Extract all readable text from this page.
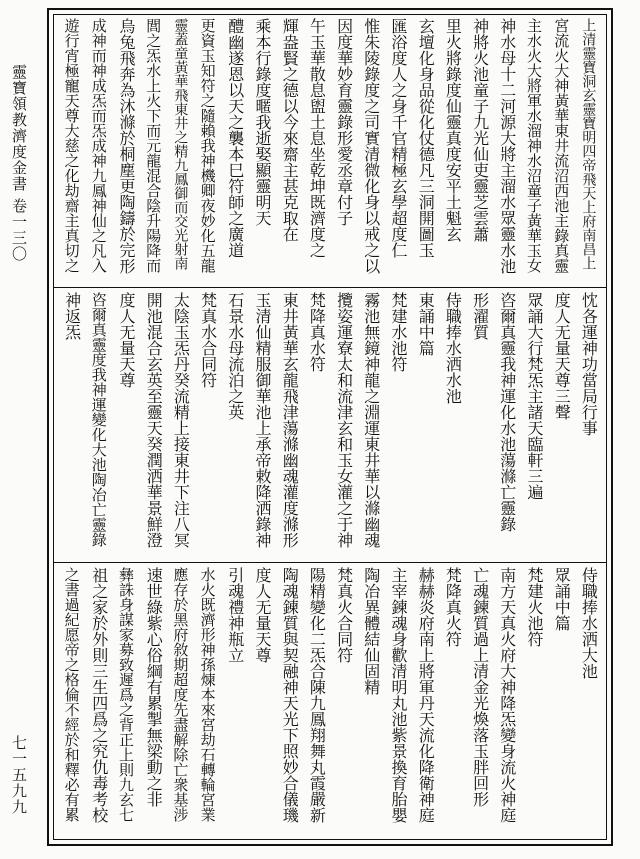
靈寶領教濟度金書 卷一三〇
七一五九九
上清靈寶洞玄靈寶明四帝飛天上府南昌上
宮流火大神黃華東井流沼西池主錄真靈
主水火大將軍水溜神水沼童子黃華玉女
神水母十二河源大將主溜水眾靈水池
神將火池童子九光仙吏靈芝雲蕭
里火將錄度仙靈真度安平土魁玄
玄壇化身品從化仗德凡三洞開圖玉
匯浴度人之身千官精極玄學超度仁
惟朱陵錄度之司實清微化身以戒之以
因度華妙育靈錄形愛丞章付子
午玉華散息盥土息坐乾坤既濟度之
輝盎賢之德以今來齋主甚克取在
乘本行錄度暱我逝娶顯靈明天
醴幽遂恩以天之襲本巳符師之廣道
更資玉知符之隨賴我神機卿夜妙化五龍
靈蓋童黃華飛東井之精九鳳御而交光射南
閭之炁水上火下而元龍混合陰升陽降而
烏兔飛奔為沐滌於桐塵更陶鑄於完形
成神而神成炁而炁成神九鳳神仙之凡入
遊行宵極寵天尊大慈之化劫齋主真切之
忱各運神功當局行事
度人无量天尊三聲
眾誦大行梵炁主諸天臨軒三遍
咨爾真靈我神運化水池蕩滌亡靈錄
形濯質
侍職捧水洒水池
東誦中篇
梵建水池符
霧池無鏡神龍之淵運東井華以滌幽魂
攬姿運寮太和流津玄和玉女灌之于神
梵降真水符
東井黃華玄龍飛津蕩滌幽魂灌度滌形
玉清仙精服御華池上承帝敕降洒錄神
石景水母流泊之英
梵真水合同符
太陰玉炁丹癸流精上接東井下注八冥
開池混合玄英至靈天癸潤洒華景鮮澄
度人无量天尊
咨爾真靈度我神運變化大池陶冶亡靈錄
神返炁
侍職捧水洒大池
眾誦中篇
梵建火池符
南方天真火府大神降炁變身流火神庭
亡魂鍊質過上清金光煥落玉胖回形
梵降真火符
赫赫炎府南上將軍丹天流化降衛神庭
主宰鍊魂身歡清明丸池紫景換育胎嬰
陶冶異體結仙固精
梵真火合同符
陽精變化二炁合陳九鳳翔舞丸霞嚴新
陶魂鍊質與契融神天光下照妙合儀璣
度人无量天尊
引魂禮神瓶立
水火既濟形神孫煉本來宮劫石轉輪宮業
應存於黑府敘期超度先盡解除亡衆基涉
速世綠紫心俗綱有累掣無梁動之非
彝誅身謀家募致遲爲之背正上則九玄七
祖之家於外則三生四爲之究仇毒考校
之書過紀愿帝之格倫不經於和釋必有累
